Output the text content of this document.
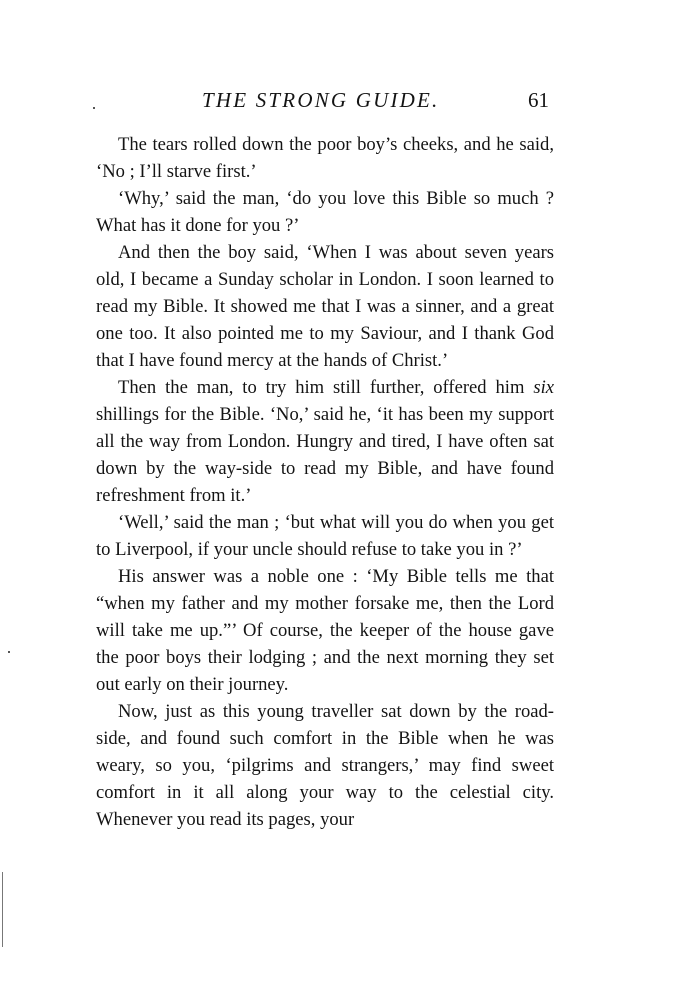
THE STRONG GUIDE.	61

The tears rolled down the poor boy’s cheeks, and he said, ‘No ; I’ll starve first.’

‘Why,’ said the man, ‘do you love this Bible so much ? What has it done for you ?’

And then the boy said, ‘When I was about seven years old, I became a Sunday scholar in London. I soon learned to read my Bible. It showed me that I was a sinner, and a great one too. It also pointed me to my Saviour, and I thank God that I have found mercy at the hands of Christ.’

Then the man, to try him still further, offered him six shillings for the Bible. ‘No,’ said he, ‘it has been my support all the way from London. Hungry and tired, I have often sat down by the way-side to read my Bible, and have found refreshment from it.’

‘Well,’ said the man ; ‘but what will you do when you get to Liverpool, if your uncle should refuse to take you in ?’

His answer was a noble one : ‘My Bible tells me that “when my father and my mother forsake me, then the Lord will take me up.”’ Of course, the keeper of the house gave the poor boys their lodging ; and the next morning they set out early on their journey.

Now, just as this young traveller sat down by the road-side, and found such comfort in the Bible when he was weary, so you, ‘pilgrims and strangers,’ may find sweet comfort in it all along your way to the celestial city. Whenever you read its pages, your
